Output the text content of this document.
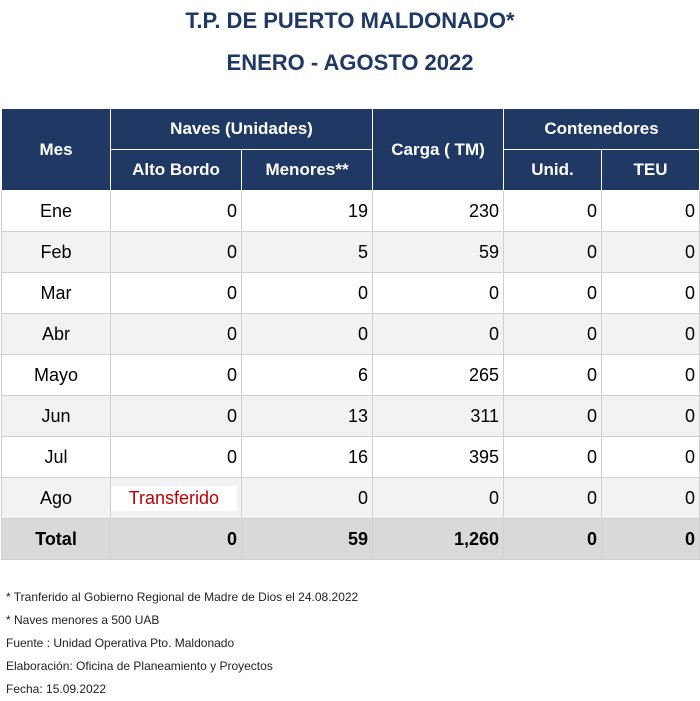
T.P. DE PUERTO MALDONADO*
ENERO - AGOSTO 2022
Mes	Naves (Unidades)		Carga ( TM)	Contenedores	
	Alto Bordo	Menores**		Unid.	TEU
Ene	0	19	230	0	0
Feb	0	5	59	0	0
Mar	0	0	0	0	0
Abr	0	0	0	0	0
Mayo	0	6	265	0	0
Jun	0	13	311	0	0
Jul	0	16	395	0	0
Ago	Transferido	0	0	0	0
Total	0	59	1,260	0	0
* Tranferido al Gobierno Regional de Madre de Dios el 24.08.2022
* Naves menores a 500 UAB
Fuente : Unidad Operativa Pto. Maldonado
Elaboración: Oficina de Planeamiento y Proyectos
Fecha: 15.09.2022
